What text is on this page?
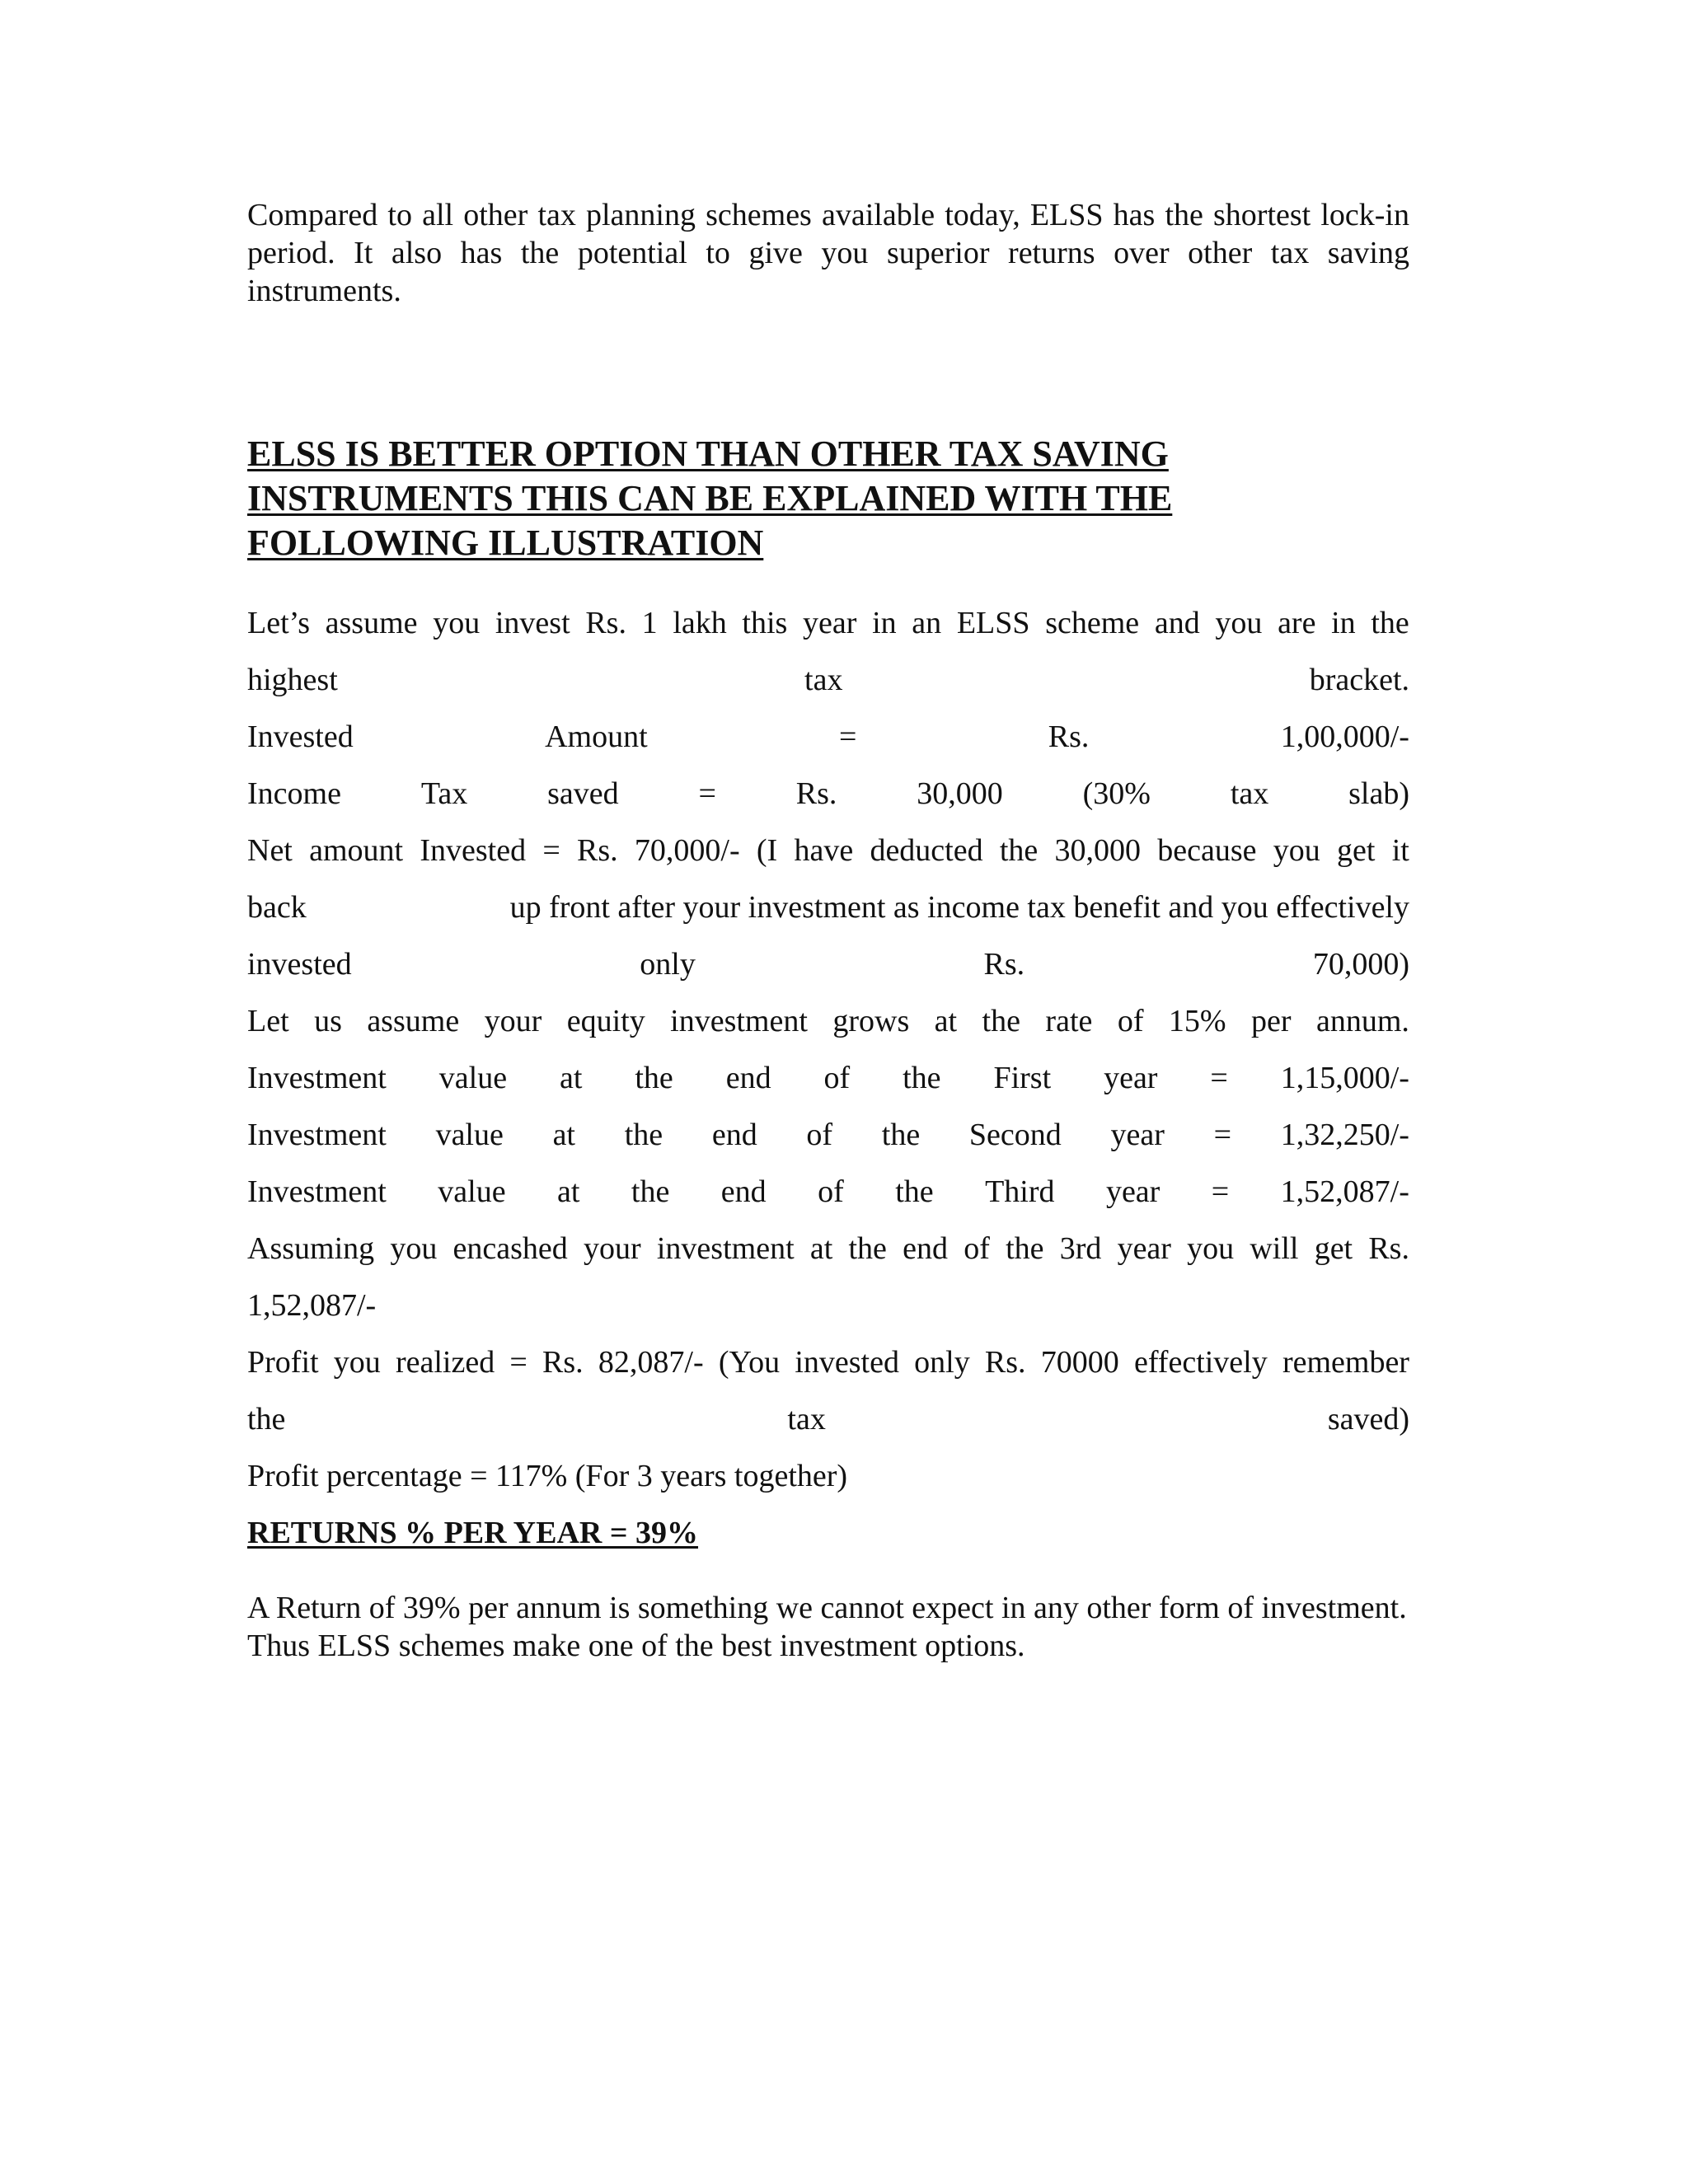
Compared to all other tax planning schemes available today, ELSS has the shortest lock-in period. It also has the potential to give you superior returns over other tax saving instruments.

ELSS IS BETTER OPTION THAN OTHER TAX SAVING
INSTRUMENTS THIS CAN BE EXPLAINED WITH THE
FOLLOWING ILLUSTRATION
Let’s assume you invest Rs. 1 lakh this year in an ELSS scheme and you are in the
highest	tax	bracket.
Invested	Amount	=	Rs.	1,00,000/-
Income	Tax	saved	=	Rs.	30,000	(30%	tax	slab)
Net amount Invested = Rs. 70,000/- (I have deducted the 30,000 because you get it
back	up front after your investment as income tax benefit and you effectively
invested	only	Rs.	70,000)
Let us assume your equity investment grows at the rate of 15% per annum.
Investment value at the end of the First year = 1,15,000/-
Investment value at the end of the Second year = 1,32,250/-
Investment value at the end of the Third year = 1,52,087/-
Assuming you encashed your investment at the end of the 3rd year you will get Rs.
1,52,087/-
Profit you realized = Rs. 82,087/- (You invested only Rs. 70000 effectively remember
the	tax	saved)
Profit percentage = 117% (For 3 years together)
RETURNS % PER YEAR = 39%

A Return of 39% per annum is something we cannot expect in any other form of investment. Thus ELSS schemes make one of the best investment options.
